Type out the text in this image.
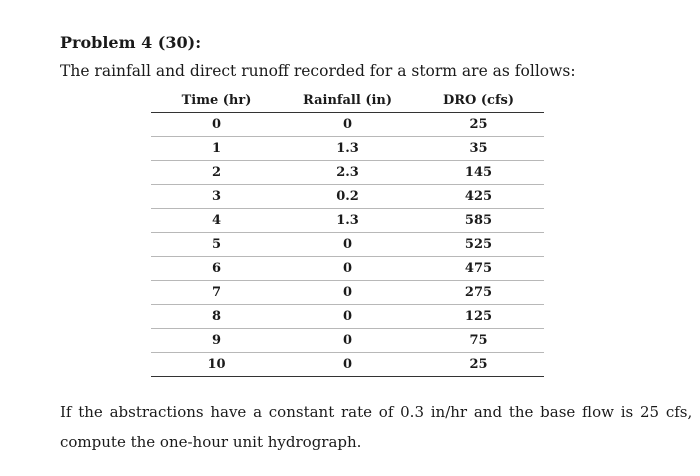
Problem 4 (30):
The rainfall and direct runoff recorded for a storm are as follows:
Time (hr)	Rainfall (in)	DRO (cfs)
0	0	25
1	1.3	35
2	2.3	145
3	0.2	425
4	1.3	585
5	0	525
6	0	475
7	0	275
8	0	125
9	0	75
10	0	25
If the abstractions have a constant rate of 0.3 in/hr and the base flow is 25 cfs,
compute the one-hour unit hydrograph.
